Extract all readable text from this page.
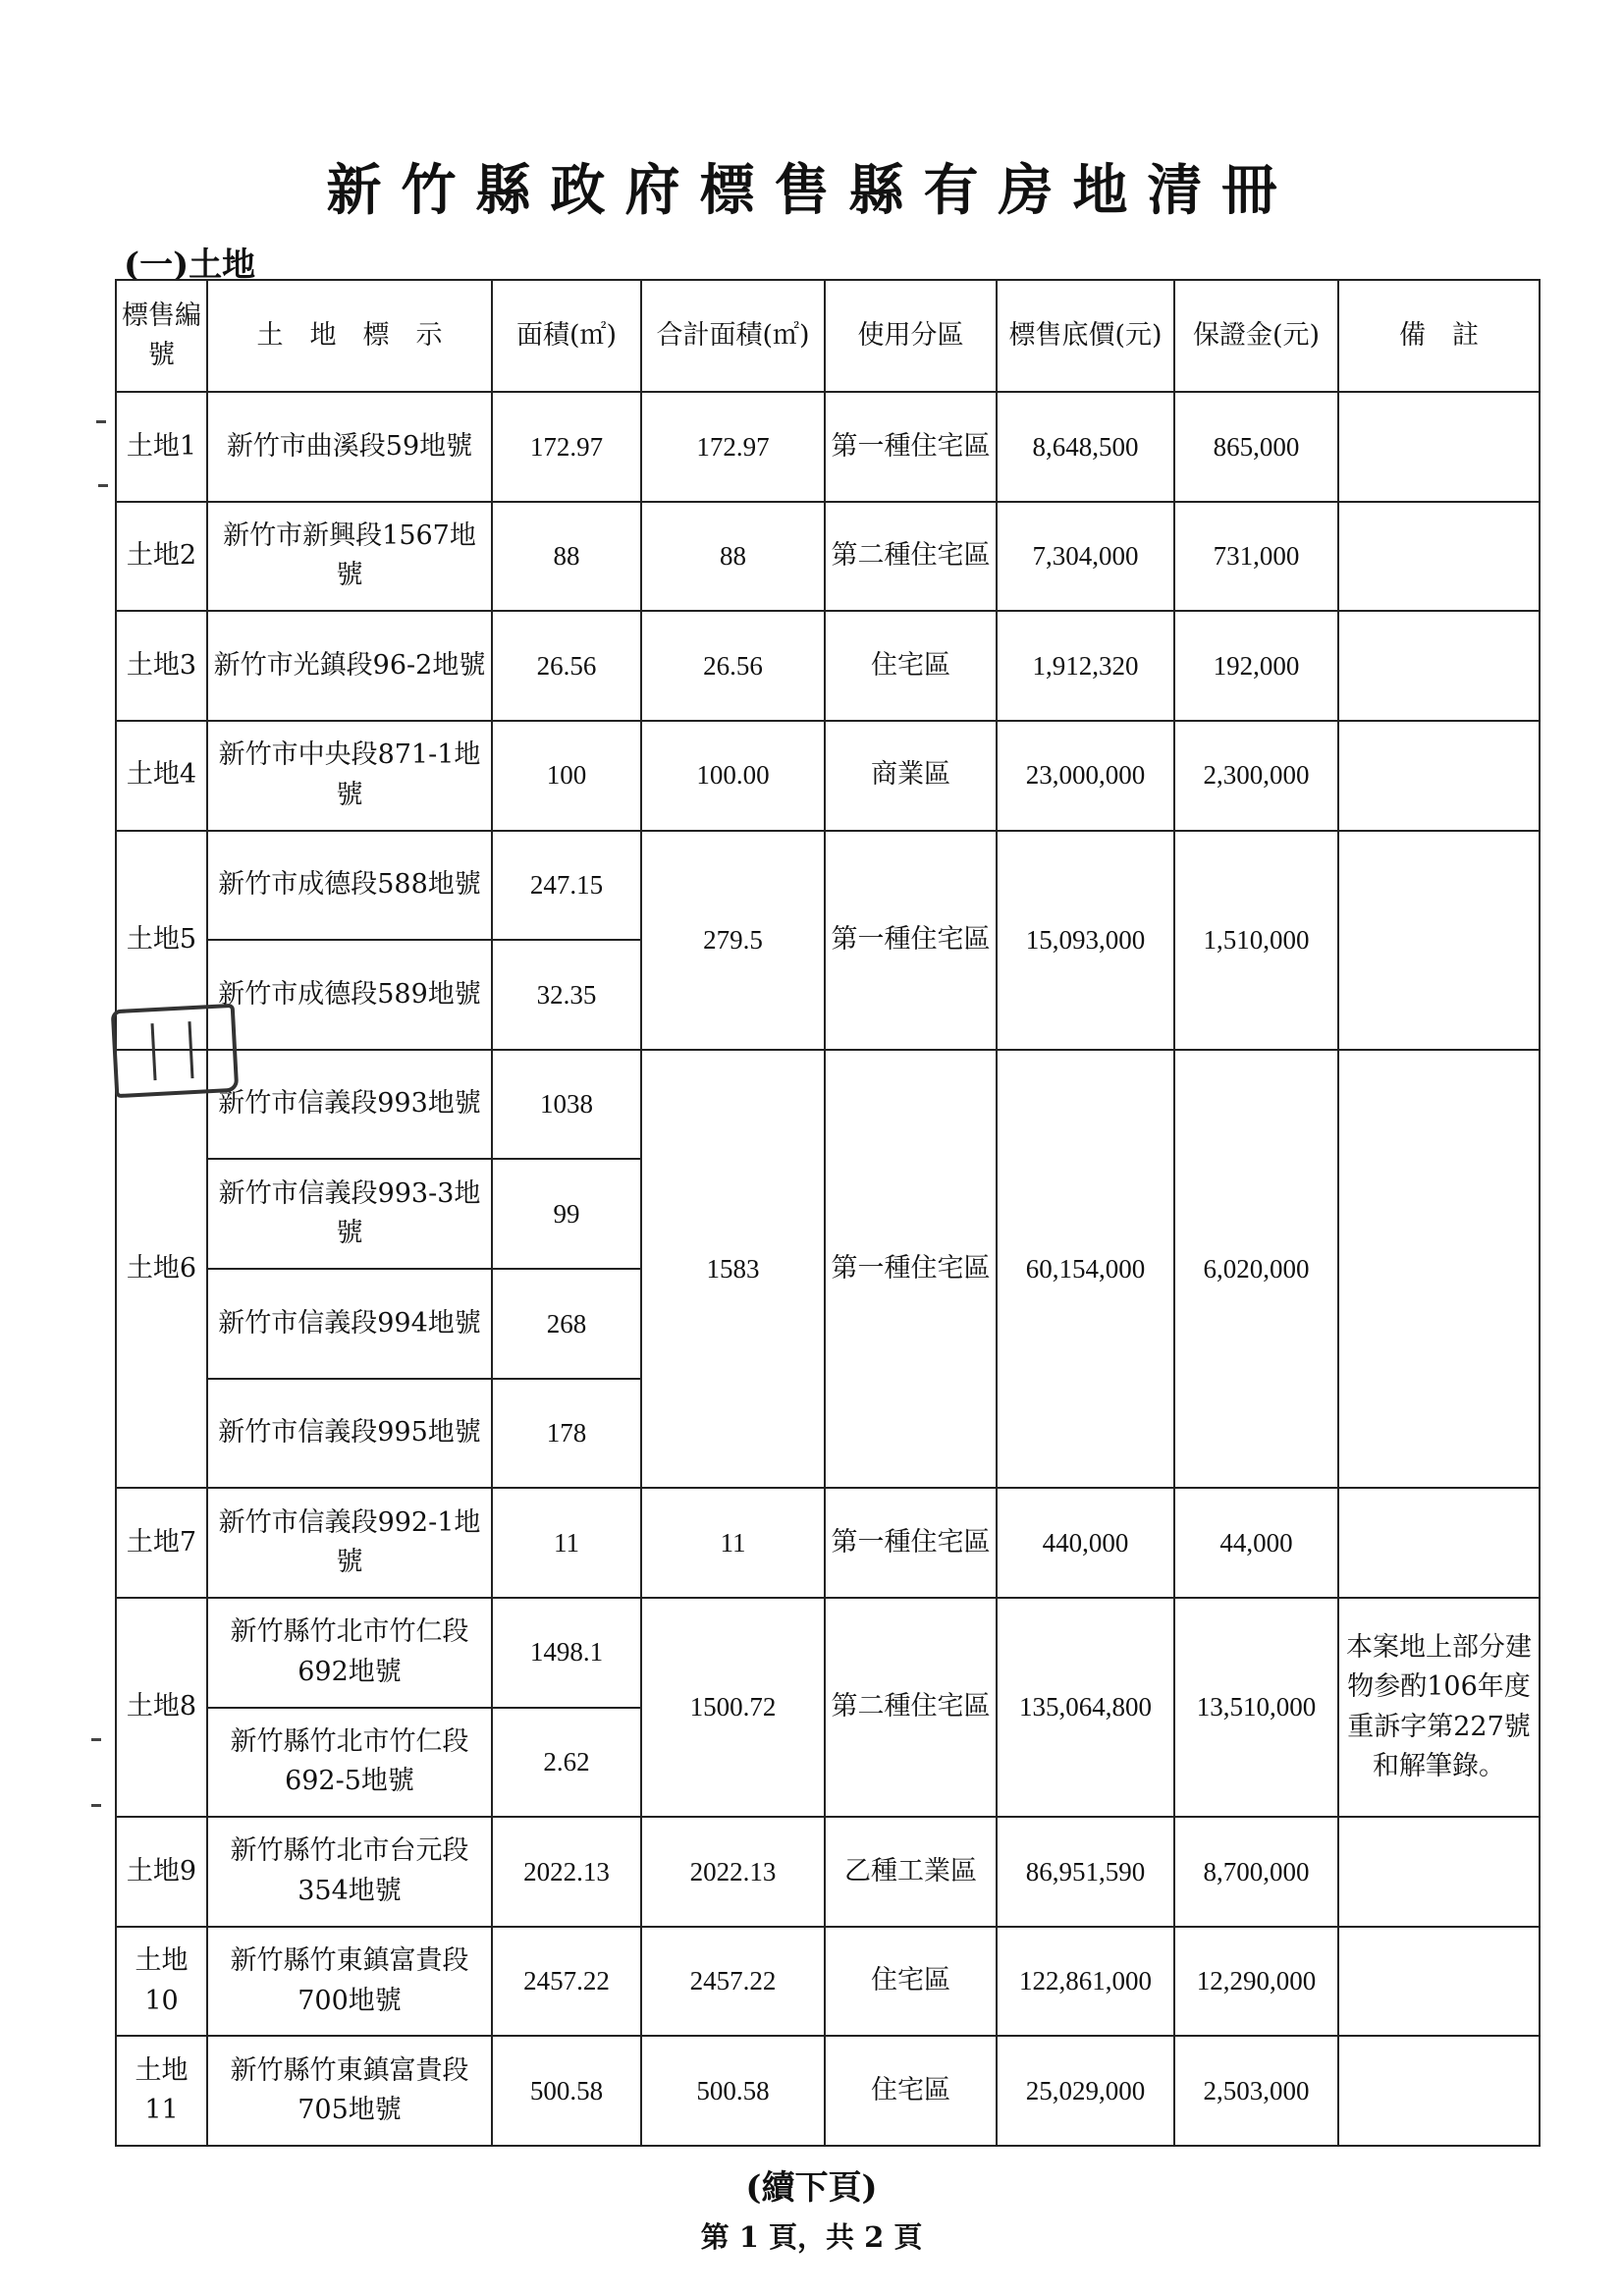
新竹縣政府標售縣有房地清冊
(一)土地
標售編號	土　地　標　示	面積(㎡)	合計面積(㎡)	使用分區	標售底價(元)	保證金(元)	備　註
土地1	新竹市曲溪段59地號	172.97	172.97	第一種住宅區	8,648,500	865,000	
土地2	新竹市新興段1567地號	88	88	第二種住宅區	7,304,000	731,000	
土地3	新竹市光鎮段96-2地號	26.56	26.56	住宅區	1,912,320	192,000	
土地4	新竹市中央段871-1地號	100	100.00	商業區	23,000,000	2,300,000	
土地5	新竹市成德段588地號	247.15	279.5	第一種住宅區	15,093,000	1,510,000	
	新竹市成德段589地號	32.35					
土地6	新竹市信義段993地號	1038	1583	第一種住宅區	60,154,000	6,020,000	
	新竹市信義段993-3地號	99					
	新竹市信義段994地號	268					
	新竹市信義段995地號	178					
土地7	新竹市信義段992-1地號	11	11	第一種住宅區	440,000	44,000	
土地8	新竹縣竹北市竹仁段692地號	1498.1	1500.72	第二種住宅區	135,064,800	13,510,000	本案地上部分建物参酌106年度重訴字第227號和解筆錄。
	新竹縣竹北市竹仁段692-5地號	2.62					
土地9	新竹縣竹北市台元段354地號	2022.13	2022.13	乙種工業區	86,951,590	8,700,000	
土地10	新竹縣竹東鎮富貴段700地號	2457.22	2457.22	住宅區	122,861,000	12,290,000	
土地11	新竹縣竹東鎮富貴段705地號	500.58	500.58	住宅區	25,029,000	2,503,000	
(續下頁)
第 1 頁，共 2 頁
